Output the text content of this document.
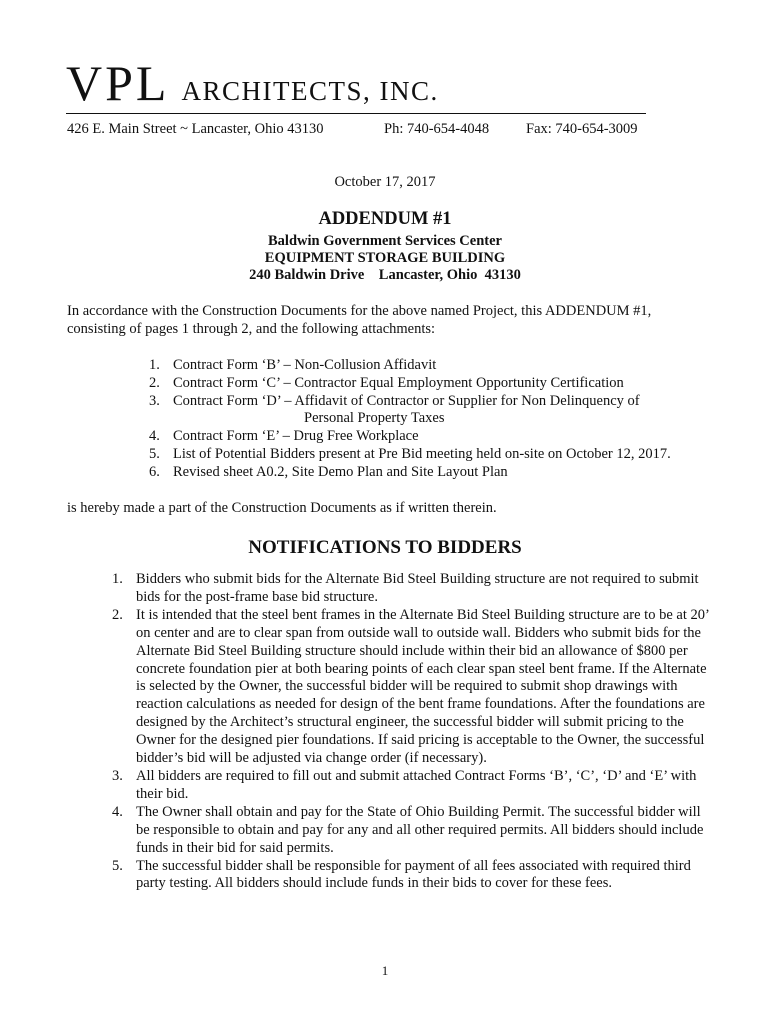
VPL ARCHITECTS, INC.
426 E. Main Street ~ Lancaster, Ohio 43130	Ph: 740-654-4048	Fax: 740-654-3009
October 17, 2017
ADDENDUM #1
Baldwin Government Services Center
EQUIPMENT STORAGE BUILDING
240 Baldwin Drive    Lancaster, Ohio  43130
In accordance with the Construction Documents for the above named Project, this ADDENDUM #1, consisting of pages 1 through 2, and the following attachments:
1. Contract Form ‘B’ – Non-Collusion Affidavit
2. Contract Form ‘C’ – Contractor Equal Employment Opportunity Certification
3. Contract Form ‘D’ – Affidavit of Contractor or Supplier for Non Delinquency of
Personal Property Taxes
4. Contract Form ‘E’ – Drug Free Workplace
5. List of Potential Bidders present at Pre Bid meeting held on-site on October 12, 2017.
6. Revised sheet A0.2, Site Demo Plan and Site Layout Plan
is hereby made a part of the Construction Documents as if written therein.
NOTIFICATIONS TO BIDDERS
1. Bidders who submit bids for the Alternate Bid Steel Building structure are not required to submit bids for the post-frame base bid structure.
2. It is intended that the steel bent frames in the Alternate Bid Steel Building structure are to be at 20’ on center and are to clear span from outside wall to outside wall. Bidders who submit bids for the Alternate Bid Steel Building structure should include within their bid an allowance of $800 per concrete foundation pier at both bearing points of each clear span steel bent frame. If the Alternate is selected by the Owner, the successful bidder will be required to submit shop drawings with reaction calculations as needed for design of the bent frame foundations. After the foundations are designed by the Architect’s structural engineer, the successful bidder will submit pricing to the Owner for the designed pier foundations. If said pricing is acceptable to the Owner, the successful bidder’s bid will be adjusted via change order (if necessary).
3. All bidders are required to fill out and submit attached Contract Forms ‘B’, ‘C’, ‘D’ and ‘E’ with their bid.
4. The Owner shall obtain and pay for the State of Ohio Building Permit. The successful bidder will be responsible to obtain and pay for any and all other required permits. All bidders should include funds in their bid for said permits.
5. The successful bidder shall be responsible for payment of all fees associated with required third party testing. All bidders should include funds in their bids to cover for these fees.
1
